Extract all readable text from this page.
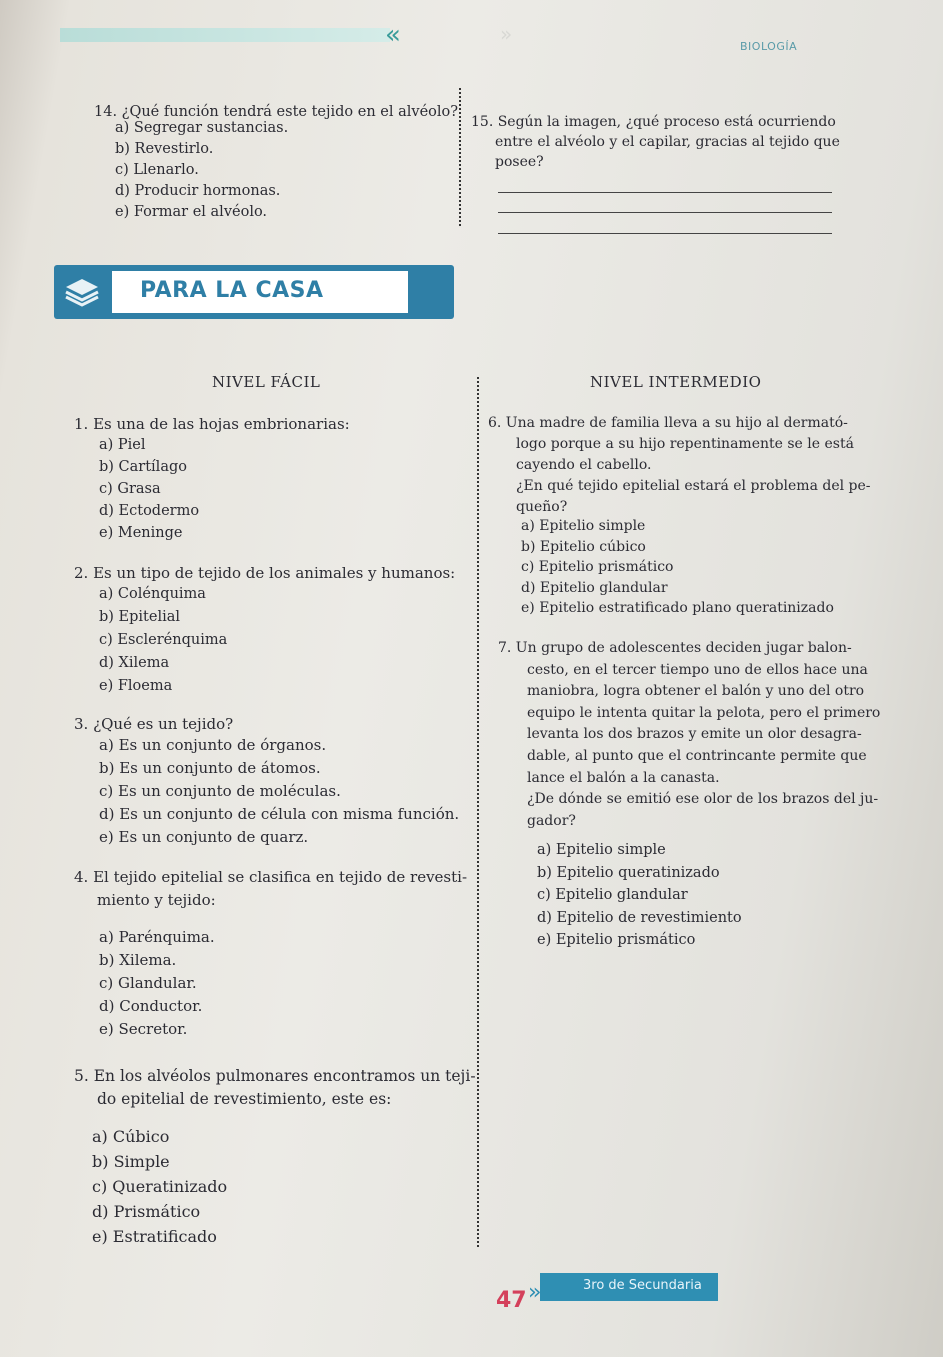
«	»
BIOLOGÍA
14. ¿Qué función tendrá este tejido en el alvéolo?
a) Segregar sustancias.
b) Revestirlo.
c) Llenarlo.
d) Producir hormonas.
e) Formar el alvéolo.
15. Según la imagen, ¿qué proceso está ocurriendo
entre el alvéolo y el capilar, gracias al tejido que
posee?
PARA LA CASA
NIVEL FÁCIL	NIVEL INTERMEDIO
1. Es una de las hojas embrionarias:
a) Piel
b) Cartílago
c) Grasa
d) Ectodermo
e) Meninge
2. Es un tipo de tejido de los animales y humanos:
a) Colénquima
b) Epitelial
c) Esclerénquima
d) Xilema
e) Floema
3. ¿Qué es un tejido?
a) Es un conjunto de órganos.
b) Es un conjunto de átomos.
c) Es un conjunto de moléculas.
d) Es un conjunto de célula con misma función.
e) Es un conjunto de quarz.
4. El tejido epitelial se clasifica en tejido de revesti-
miento y tejido:
a) Parénquima.
b) Xilema.
c) Glandular.
d) Conductor.
e) Secretor.
5. En los alvéolos pulmonares encontramos un teji-
do epitelial de revestimiento, este es:
a) Cúbico
b) Simple
c) Queratinizado
d) Prismático
e) Estratificado
6. Una madre de familia lleva a su hijo al dermató-
logo porque a su hijo repentinamente se le está
cayendo el cabello.
¿En qué tejido epitelial estará el problema del pe-
queño?
a) Epitelio simple
b) Epitelio cúbico
c) Epitelio prismático
d) Epitelio glandular
e) Epitelio estratificado plano queratinizado
7. Un grupo de adolescentes deciden jugar balon-
cesto, en el tercer tiempo uno de ellos hace una
maniobra, logra obtener el balón y uno del otro
equipo le intenta quitar la pelota, pero el primero
levanta los dos brazos y emite un olor desagra-
dable, al punto que el contrincante permite que
lance el balón a la canasta.
¿De dónde se emitió ese olor de los brazos del ju-
gador?
a) Epitelio simple
b) Epitelio queratinizado
c) Epitelio glandular
d) Epitelio de revestimiento
e) Epitelio prismático
47
3ro de Secundaria
»
